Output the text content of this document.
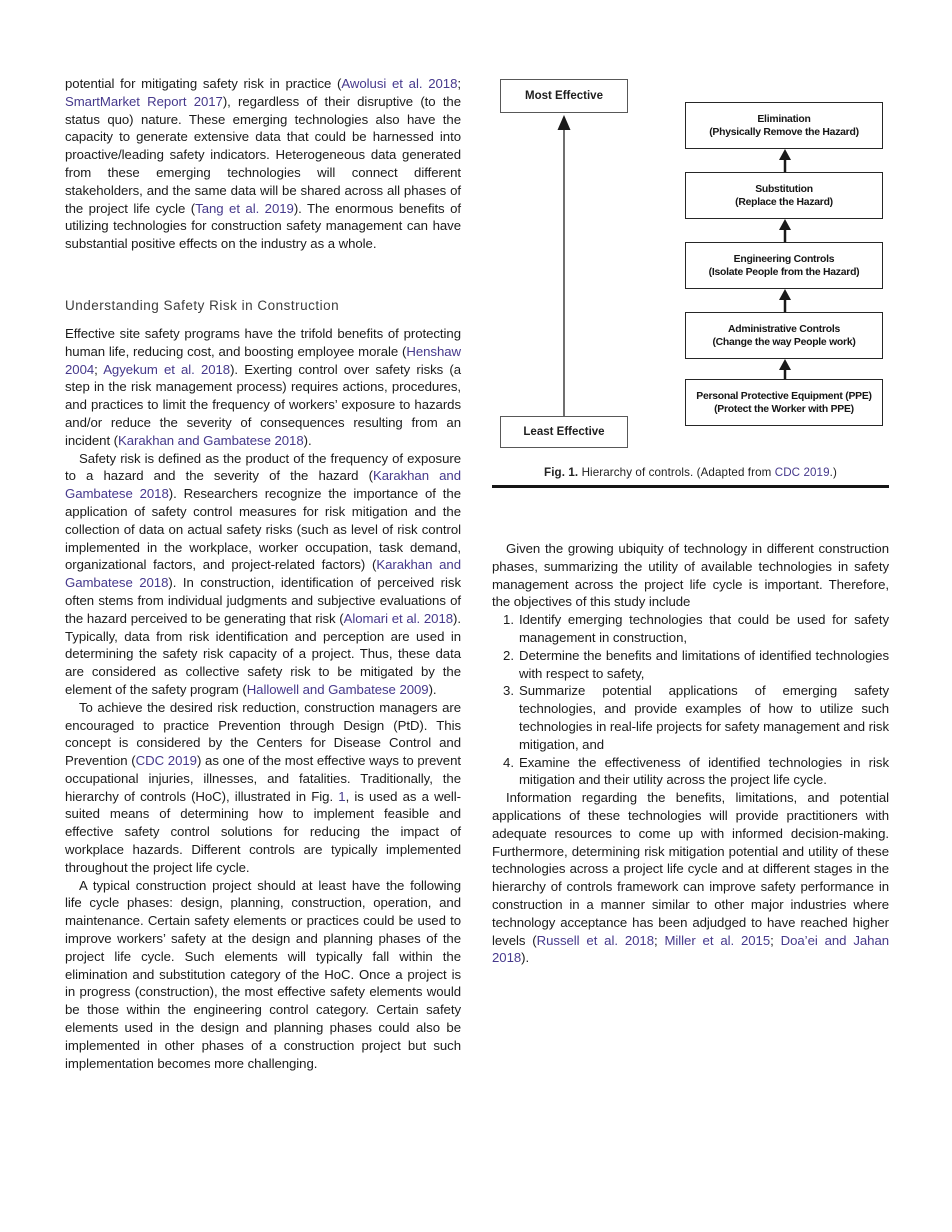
potential for mitigating safety risk in practice (Awolusi et al. 2018; SmartMarket Report 2017), regardless of their disruptive (to the status quo) nature. These emerging technologies also have the capacity to generate extensive data that could be harnessed into proactive/leading safety indicators. Heterogeneous data generated from these emerging technologies will connect different stakeholders, and the same data will be shared across all phases of the project life cycle (Tang et al. 2019). The enormous benefits of utilizing technologies for construction safety management can have substantial positive effects on the industry as a whole.

Understanding Safety Risk in Construction

Effective site safety programs have the trifold benefits of protecting human life, reducing cost, and boosting employee morale (Henshaw 2004; Agyekum et al. 2018). Exerting control over safety risks (a step in the risk management process) requires actions, procedures, and practices to limit the frequency of workers’ exposure to hazards and/or reduce the severity of consequences resulting from an incident (Karakhan and Gambatese 2018).

Safety risk is defined as the product of the frequency of exposure to a hazard and the severity of the hazard (Karakhan and Gambatese 2018). Researchers recognize the importance of the application of safety control measures for risk mitigation and the collection of data on actual safety risks (such as level of risk control implemented in the workplace, worker occupation, task demand, organizational factors, and project-related factors) (Karakhan and Gambatese 2018). In construction, identification of perceived risk often stems from individual judgments and subjective evaluations of the hazard perceived to be generating that risk (Alomari et al. 2018). Typically, data from risk identification and perception are used in determining the safety risk capacity of a project. Thus, these data are considered as collective safety risk to be mitigated by the element of the safety program (Hallowell and Gambatese 2009).

To achieve the desired risk reduction, construction managers are encouraged to practice Prevention through Design (PtD). This concept is considered by the Centers for Disease Control and Prevention (CDC 2019) as one of the most effective ways to prevent occupational injuries, illnesses, and fatalities. Traditionally, the hierarchy of controls (HoC), illustrated in Fig. 1, is used as a well-suited means of determining how to implement feasible and effective safety control solutions for reducing the impact of workplace hazards. Different controls are typically implemented throughout the project life cycle.

A typical construction project should at least have the following life cycle phases: design, planning, construction, operation, and maintenance. Certain safety elements or practices could be used to improve workers’ safety at the design and planning phases of the project life cycle. Such elements will typically fall within the elimination and substitution category of the HoC. Once a project is in progress (construction), the most effective safety elements would be those within the engineering control category. Certain safety elements used in the design and planning phases could also be implemented in other phases of a construction project but such implementation becomes more challenging.

Most Effective
Least Effective
Elimination
(Physically Remove the Hazard)
Substitution
(Replace the Hazard)
Engineering Controls
(Isolate People from the Hazard)
Administrative Controls
(Change the way People work)
Personal Protective Equipment (PPE)
(Protect the Worker with PPE)
Fig. 1. Hierarchy of controls. (Adapted from CDC 2019.)

Given the growing ubiquity of technology in different construction phases, summarizing the utility of available technologies in safety management across the project life cycle is important. Therefore, the objectives of this study include

1. Identify emerging technologies that could be used for safety management in construction,
2. Determine the benefits and limitations of identified technologies with respect to safety,
3. Summarize potential applications of emerging safety technologies, and provide examples of how to utilize such technologies in real-life projects for safety management and risk mitigation, and
4. Examine the effectiveness of identified technologies in risk mitigation and their utility across the project life cycle.

Information regarding the benefits, limitations, and potential applications of these technologies will provide practitioners with adequate resources to come up with informed decision-making. Furthermore, determining risk mitigation potential and utility of these technologies across a project life cycle and at different stages in the hierarchy of controls framework can improve safety performance in construction in a manner similar to other major industries where technology acceptance has been adjudged to have reached higher levels (Russell et al. 2018; Miller et al. 2015; Doa’ei and Jahan 2018).
